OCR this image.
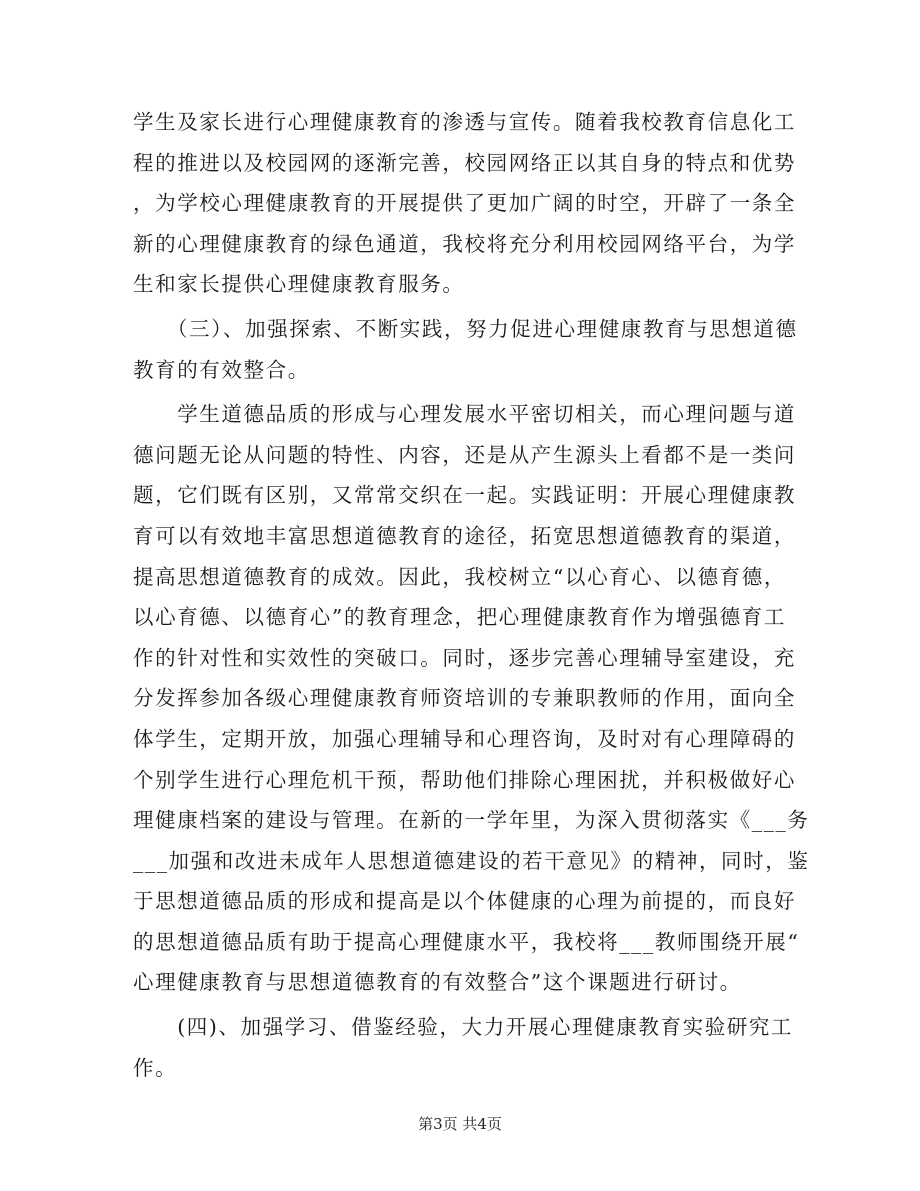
学生及家长进行心理健康教育的渗透与宣传。随着我校教育信息化工
程的推进以及校园网的逐渐完善，校园网络正以其自身的特点和优势
，为学校心理健康教育的开展提供了更加广阔的时空，开辟了一条全
新的心理健康教育的绿色通道，我校将充分利用校园网络平台，为学
生和家长提供心理健康教育服务。

　　（三）、加强探索、不断实践，努力促进心理健康教育与思想道德
教育的有效整合。

　　学生道德品质的形成与心理发展水平密切相关，而心理问题与道
德问题无论从问题的特性、内容，还是从产生源头上看都不是一类问
题，它们既有区别，又常常交织在一起。实践证明：开展心理健康教
育可以有效地丰富思想道德教育的途径，拓宽思想道德教育的渠道，
提高思想道德教育的成效。因此，我校树立“以心育心、以德育德，
以心育德、以德育心”的教育理念，把心理健康教育作为增强德育工
作的针对性和实效性的突破口。同时，逐步完善心理辅导室建设，充
分发挥参加各级心理健康教育师资培训的专兼职教师的作用，面向全
体学生，定期开放，加强心理辅导和心理咨询，及时对有心理障碍的
个别学生进行心理危机干预，帮助他们排除心理困扰，并积极做好心
理健康档案的建设与管理。在新的一学年里，为深入贯彻落实《___务
___加强和改进未成年人思想道德建设的若干意见》的精神，同时，鉴
于思想道德品质的形成和提高是以个体健康的心理为前提的，而良好
的思想道德品质有助于提高心理健康水平，我校将___教师围绕开展“
心理健康教育与思想道德教育的有效整合”这个课题进行研讨。

　　(四)、加强学习、借鉴经验，大力开展心理健康教育实验研究工
作。

第3页 共4页
